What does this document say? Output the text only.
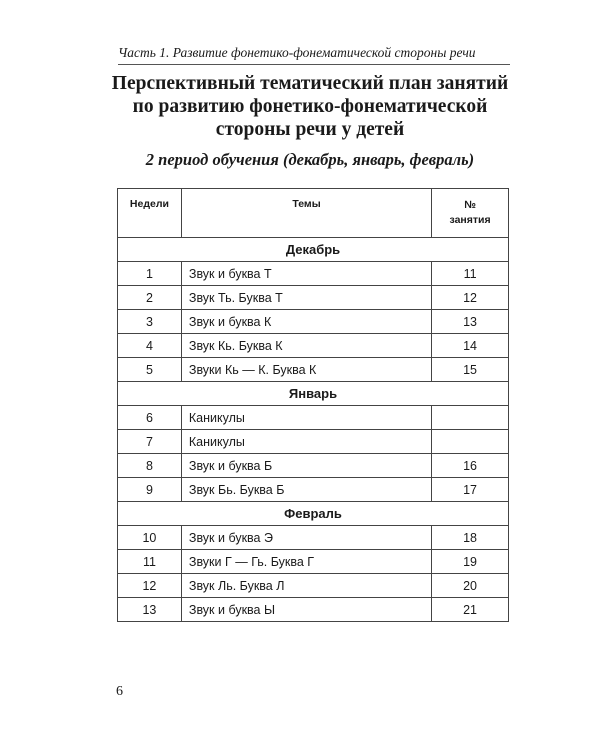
Часть 1. Развитие фонетико-фонематической стороны речи
Перспективный тематический план занятий
по развитию фонетико-фонематической
стороны речи у детей
2 период обучения (декабрь, январь, февраль)
Недели	Темы	№
занятия

Декабрь		
1	Звук и буква Т	11
2	Звук Ть. Буква Т	12
3	Звук и буква К	13
4	Звук Кь. Буква К	14
5	Звуки Кь — К. Буква К	15
Январь		
6	Каникулы	
7	Каникулы	
8	Звук и буква Б	16
9	Звук Бь. Буква Б	17
Февраль		
10	Звук и буква Э	18
11	Звуки Г — Гь. Буква Г	19
12	Звук Ль. Буква Л	20
13	Звук и буква Ы	21
6
